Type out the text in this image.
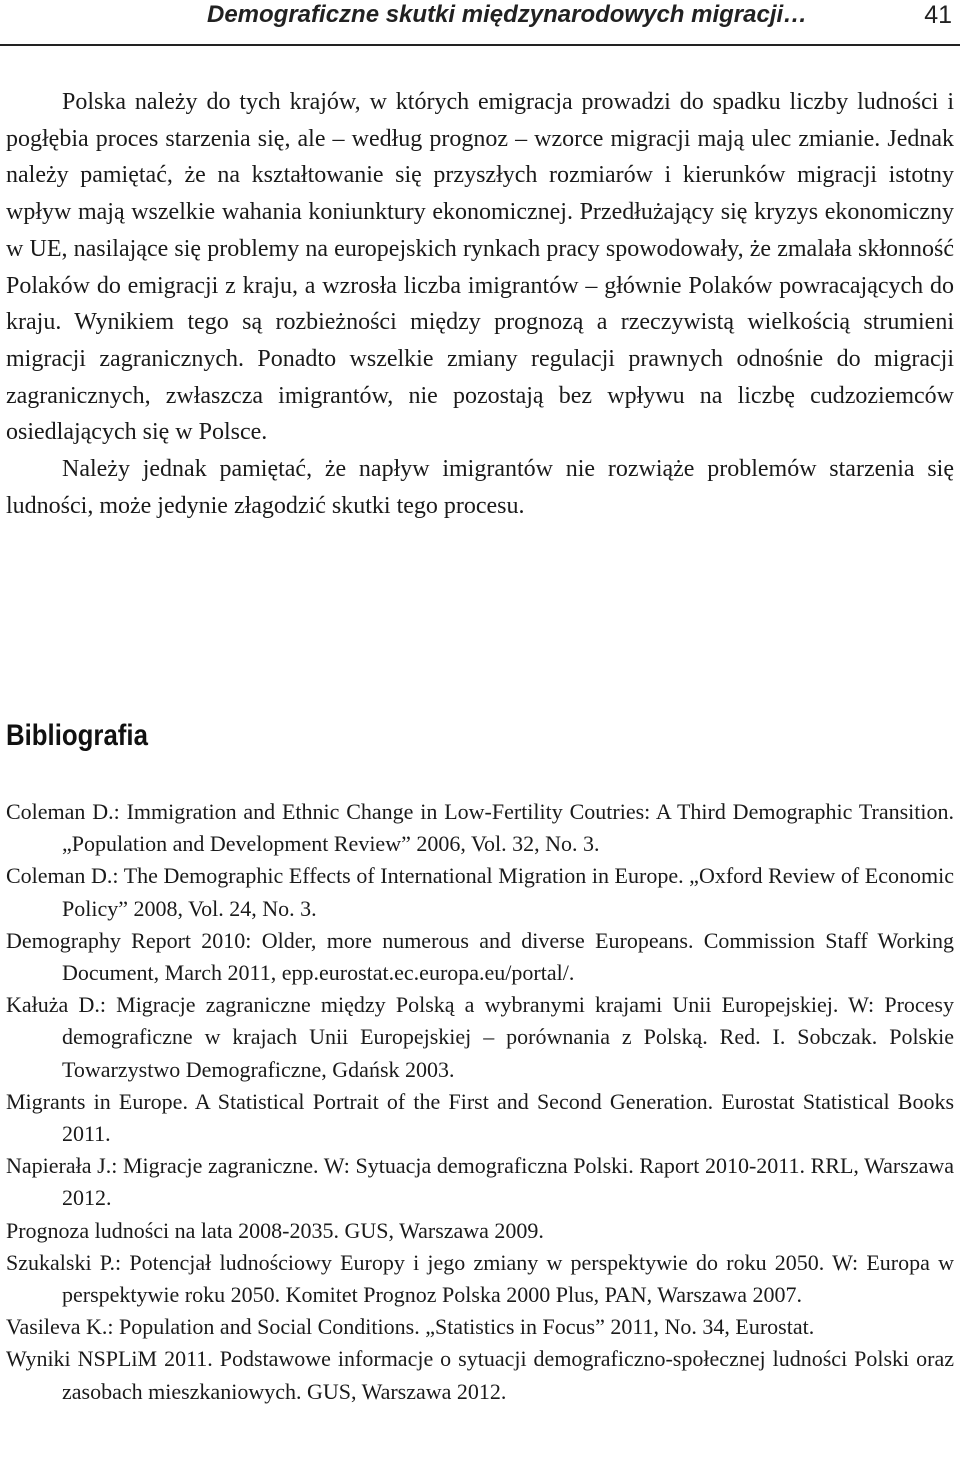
Demograficzne skutki międzynarodowych migracji…	41

Polska należy do tych krajów, w których emigracja prowadzi do spadku liczby ludności i pogłębia proces starzenia się, ale – według prognoz – wzorce migracji mają ulec zmianie. Jednak należy pamiętać, że na kształtowanie się przyszłych rozmiarów i kierunków migracji istotny wpływ mają wszelkie wahania koniunktury ekonomicznej. Przedłużający się kryzys ekonomiczny w UE, nasilające się problemy na europejskich rynkach pracy spowodowały, że zmalała skłonność Polaków do emigracji z kraju, a wzrosła liczba imigrantów – głównie Polaków powracających do kraju. Wynikiem tego są rozbieżności między prognozą a rzeczywistą wielkością strumieni migracji zagranicznych. Ponadto wszelkie zmiany regulacji prawnych odnośnie do migracji zagranicznych, zwłaszcza imigrantów, nie pozostają bez wpływu na liczbę cudzoziemców osiedlających się w Polsce.

Należy jednak pamiętać, że napływ imigrantów nie rozwiąże problemów starzenia się ludności, może jedynie złagodzić skutki tego procesu.

Bibliografia
Coleman D.: Immigration and Ethnic Change in Low-Fertility Coutries: A Third Demographic Transition. „Population and Development Review” 2006, Vol. 32, No. 3.
Coleman D.: The Demographic Effects of International Migration in Europe. „Oxford Review of Economic Policy” 2008, Vol. 24, No. 3.
Demography Report 2010: Older, more numerous and diverse Europeans. Commission Staff Working Document, March 2011, epp.eurostat.ec.europa.eu/portal/.
Kałuża D.: Migracje zagraniczne między Polską a wybranymi krajami Unii Europejskiej. W: Procesy demograficzne w krajach Unii Europejskiej – porównania z Polską. Red. I. Sobczak. Polskie Towarzystwo Demograficzne, Gdańsk 2003.
Migrants in Europe. A Statistical Portrait of the First and Second Generation. Eurostat Statistical Books 2011.
Napierała J.: Migracje zagraniczne. W: Sytuacja demograficzna Polski. Raport 2010-2011. RRL, Warszawa 2012.
Prognoza ludności na lata 2008-2035. GUS, Warszawa 2009.
Szukalski P.: Potencjał ludnościowy Europy i jego zmiany w perspektywie do roku 2050. W: Europa w perspektywie roku 2050. Komitet Prognoz Polska 2000 Plus, PAN, Warszawa 2007.
Vasileva K.: Population and Social Conditions. „Statistics in Focus” 2011, No. 34, Eurostat.
Wyniki NSPLiM 2011. Podstawowe informacje o sytuacji demograficzno-społecznej ludności Polski oraz zasobach mieszkaniowych. GUS, Warszawa 2012.
